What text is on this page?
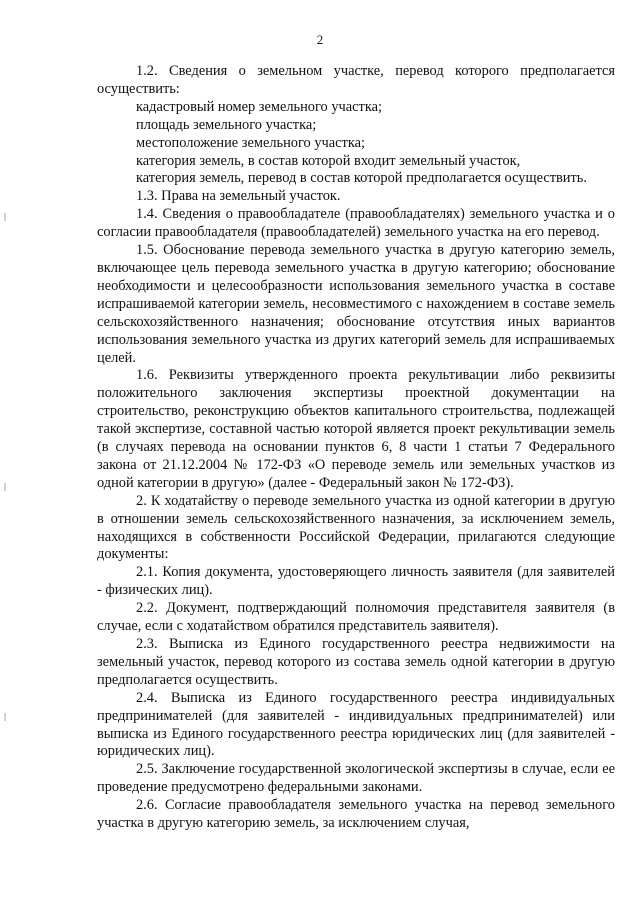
2

1.2. Сведения о земельном участке, перевод которого предполагается осуществить:

кадастровый номер земельного участка;

площадь земельного участка;

местоположение земельного участка;

категория земель, в состав которой входит земельный участок,

категория земель, перевод в состав которой предполагается осуществить.

1.3. Права на земельный участок.

1.4. Сведения о правообладателе (правообладателях) земельного участка и о согласии правообладателя (правообладателей) земельного участка на его перевод.

1.5. Обоснование перевода земельного участка в другую категорию земель, включающее цель перевода земельного участка в другую категорию; обоснование необходимости и целесообразности использования земельного участка в составе испрашиваемой категории земель, несовместимого с нахождением в составе земель сельскохозяйственного назначения; обоснование отсутствия иных вариантов использования земельного участка из других категорий земель для испрашиваемых целей.

1.6. Реквизиты утвержденного проекта рекультивации либо реквизиты положительного заключения экспертизы проектной документации на строительство, реконструкцию объектов капитального строительства, подлежащей такой экспертизе, составной частью которой является проект рекультивации земель (в случаях перевода на основании пунктов 6, 8 части 1 статьи 7 Федерального закона от 21.12.2004 № 172-ФЗ «О переводе земель или земельных участков из одной категории в другую» (далее - Федеральный закон № 172-ФЗ).

2. К ходатайству о переводе земельного участка из одной категории в другую в отношении земель сельскохозяйственного назначения, за исключением земель, находящихся в собственности Российской Федерации, прилагаются следующие документы:

2.1. Копия документа, удостоверяющего личность заявителя (для заявителей - физических лиц).

2.2. Документ, подтверждающий полномочия представителя заявителя (в случае, если с ходатайством обратился представитель заявителя).

2.3. Выписка из Единого государственного реестра недвижимости на земельный участок, перевод которого из состава земель одной категории в другую предполагается осуществить.

2.4. Выписка из Единого государственного реестра индивидуальных предпринимателей (для заявителей - индивидуальных предпринимателей) или выписка из Единого государственного реестра юридических лиц (для заявителей - юридических лиц).

2.5. Заключение государственной экологической экспертизы в случае, если ее проведение предусмотрено федеральными законами.

2.6. Согласие правообладателя земельного участка на перевод земельного участка в другую категорию земель, за исключением случая,
